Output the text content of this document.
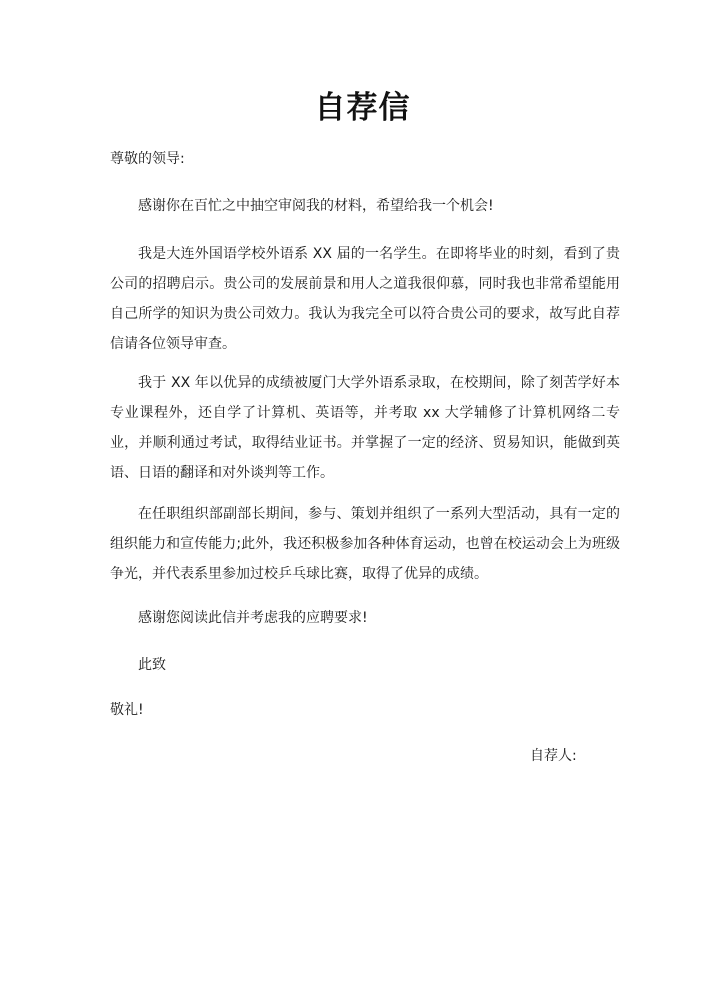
自荐信
尊敬的领导:
感谢你在百忙之中抽空审阅我的材料，希望给我一个机会!
我是大连外国语学校外语系 XX 届的一名学生。在即将毕业的时刻，看到了贵公司的招聘启示。贵公司的发展前景和用人之道我很仰慕，同时我也非常希望能用自己所学的知识为贵公司效力。我认为我完全可以符合贵公司的要求，故写此自荐信请各位领导审查。
我于 XX 年以优异的成绩被厦门大学外语系录取，在校期间，除了刻苦学好本专业课程外，还自学了计算机、英语等，并考取 xx 大学辅修了计算机网络二专业，并顺利通过考试，取得结业证书。并掌握了一定的经济、贸易知识，能做到英语、日语的翻译和对外谈判等工作。
在任职组织部副部长期间，参与、策划并组织了一系列大型活动，具有一定的组织能力和宣传能力;此外，我还积极参加各种体育运动，也曾在校运动会上为班级争光，并代表系里参加过校乒乓球比赛，取得了优异的成绩。
感谢您阅读此信并考虑我的应聘要求!
此致
敬礼!
自荐人:
